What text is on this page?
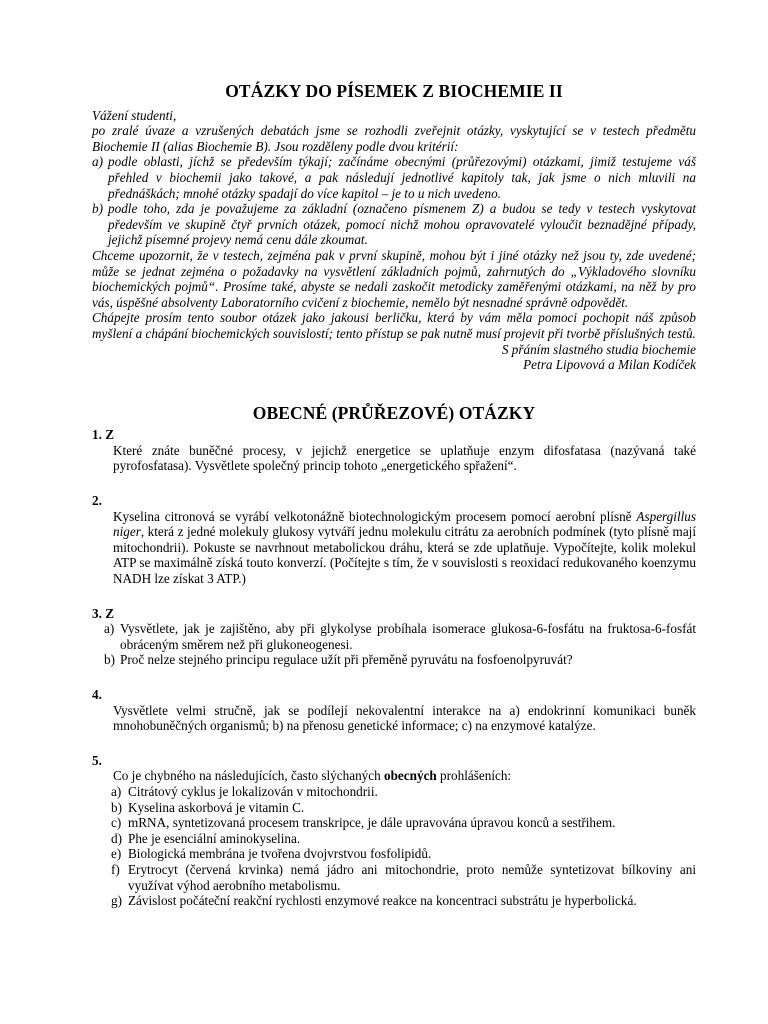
OTÁZKY DO PÍSEMEK Z BIOCHEMIE II

Vážení studenti,

po zralé úvaze a vzrušených debatách jsme se rozhodli zveřejnit otázky, vyskytující se v testech předmětu Biochemie II (alias Biochemie B). Jsou rozděleny podle dvou kritérií:

a) podle oblasti, jíchž se především týkají; začínáme obecnými (průřezovými) otázkami, jimiž testujeme váš přehled v biochemii jako takové, a pak následují jednotlivé kapitoly tak, jak jsme o nich mluvili na přednáškách; mnohé otázky spadají do více kapitol – je to u nich uvedeno.
b) podle toho, zda je považujeme za základní (označeno písmenem Z) a budou se tedy v testech vyskytovat především ve skupině čtyř prvních otázek, pomocí nichž mohou opravovatelé vyloučit beznadějné případy, jejichž písemné projevy nemá cenu dále zkoumat.

Chceme upozornit, že v testech, zejména pak v první skupině, mohou být i jiné otázky než jsou ty, zde uvedené; může se jednat zejména o požadavky na vysvětlení základních pojmů, zahrnutých do „Výkladového slovníku biochemických pojmů“. Prosíme také, abyste se nedali zaskočit metodicky zaměřenými otázkami, na něž by pro vás, úspěšné absolventy Laboratorního cvičení z biochemie, nemělo být nesnadné správně odpovědět.

Chápejte prosím tento soubor otázek jako jakousi berličku, která by vám měla pomoci pochopit náš způsob myšlení a chápání biochemických souvislostí; tento přístup se pak nutně musí projevit při tvorbě příslušných testů.

S přáním slastného studia biochemie
Petra Lipovová a Milan Kodíček
OBECNÉ (PRŮŘEZOVÉ) OTÁZKY
1. Z
Které znáte buněčné procesy, v jejichž energetice se uplatňuje enzym difosfatasa (nazývaná také pyrofosfatasa). Vysvětlete společný princip tohoto „energetického spřažení“.
2.
Kyselina citronová se vyrábí velkotonážně biotechnologickým procesem pomocí aerobní plísně Aspergillus niger, která z jedné molekuly glukosy vytváří jednu molekulu citrátu za aerobních podmínek (tyto plísně mají mitochondrii). Pokuste se navrhnout metabolickou dráhu, která se zde uplatňuje. Vypočítejte, kolik molekul ATP se maximálně získá touto konverzí. (Počítejte s tím, že v souvislosti s reoxidací redukovaného koenzymu NADH lze získat 3 ATP.)
3. Z
a) Vysvětlete, jak je zajištěno, aby při glykolyse probíhala isomerace glukosa-6-fosfátu na fruktosa-6-fosfát obráceným směrem než při glukoneogenesi.
b) Proč nelze stejného principu regulace užít při přeměně pyruvátu na fosfoenolpyruvát?
4.
Vysvětlete velmi stručně, jak se podílejí nekovalentní interakce na a) endokrinní komunikaci buněk mnohobuněčných organismů; b) na přenosu genetické informace; c) na enzymové katalýze.
5.
Co je chybného na následujících, často slýchaných obecných prohlášeních:
a) Citrátový cyklus je lokalizován v mitochondrii.
b) Kyselina askorbová je vitamin C.
c) mRNA, syntetizovaná procesem transkripce, je dále upravována úpravou konců a sestřihem.
d) Phe je esenciální aminokyselina.
e) Biologická membrána je tvořena dvojvrstvou fosfolipidů.
f) Erytrocyt (červená krvinka) nemá jádro ani mitochondrie, proto nemůže syntetizovat bílkoviny ani využívat výhod aerobního metabolismu.
g) Závislost počáteční reakční rychlosti enzymové reakce na koncentraci substrátu je hyperbolická.
